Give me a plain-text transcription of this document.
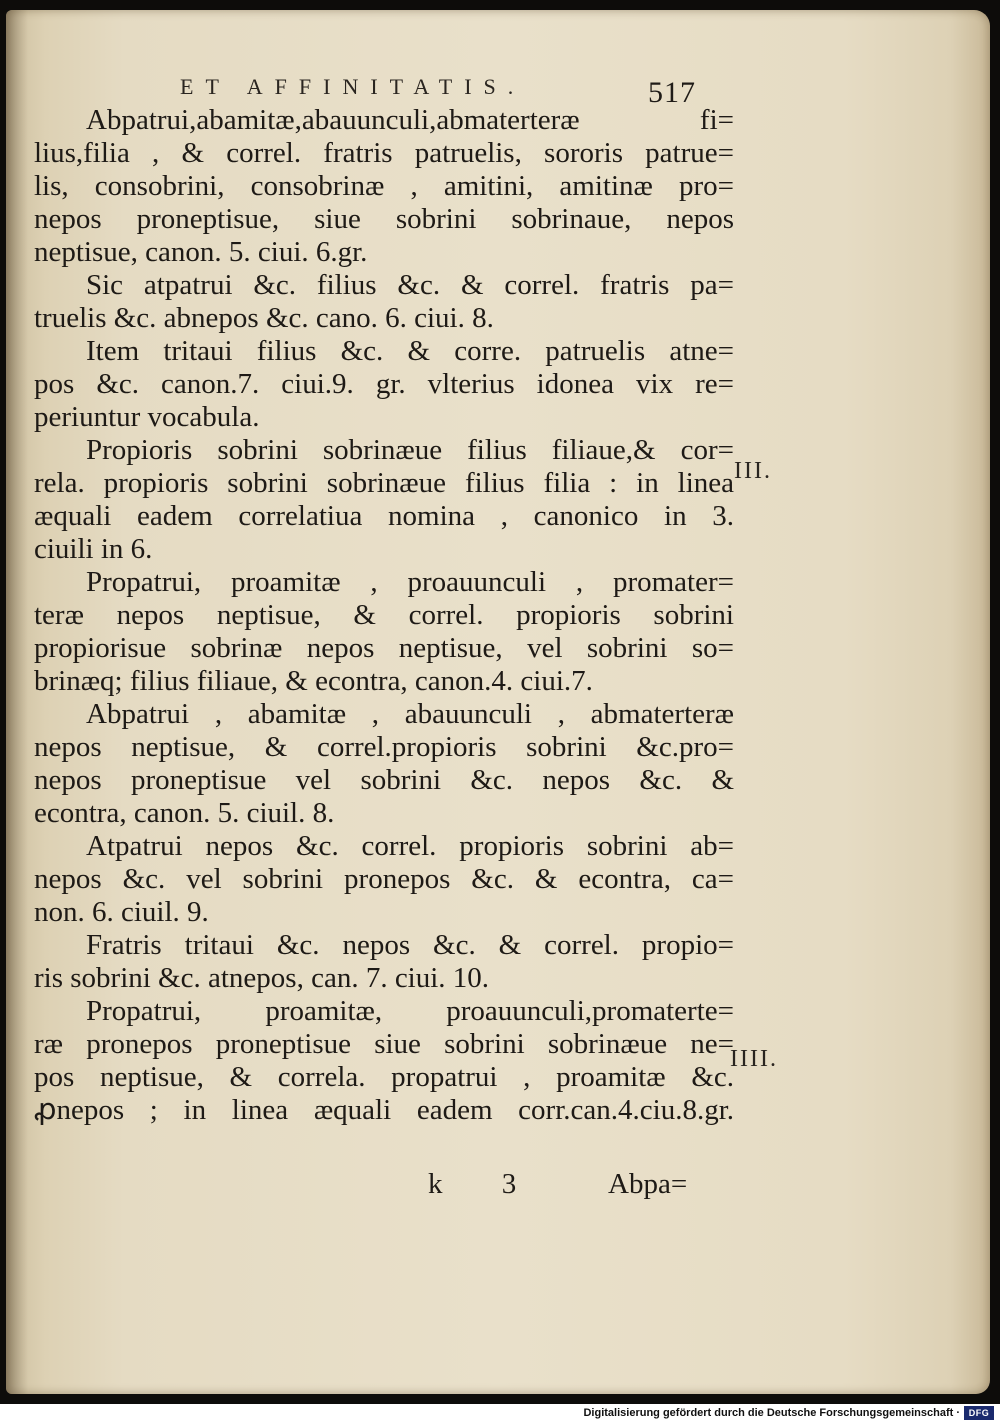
ET AFFINITATIS.	517
Abpatrui,abamitæ,abauunculi,abmaterteræ fi=
lius,filia , & correl. fratris patruelis, sororis patrue=
lis, consobrini, consobrinæ , amitini, amitinæ pro=
nepos proneptisue, siue sobrini sobrinaue, nepos
neptisue, canon. 5. ciui. 6.gr.
Sic atpatrui &c. filius &c. & correl. fratris pa=
truelis &c. abnepos &c. cano. 6. ciui. 8.
Item tritaui filius &c. & corre. patruelis atne=
pos &c. canon.7. ciui.9. gr. vlterius idonea vix re=
periuntur vocabula.
Propioris sobrini sobrinæue filius filiaue,& cor=
rela. propioris sobrini sobrinæue filius filia : in linea
æquali eadem correlatiua nomina , canonico in 3.
ciuili in 6.
Propatrui, proamitæ , proauunculi , promater=
teræ nepos neptisue, & correl. propioris sobrini
propiorisue sobrinæ nepos neptisue, vel sobrini so=
brinæq; filius filiaue, & econtra, canon.4. ciui.7.
Abpatrui , abamitæ , abauunculi , abmaterteræ
nepos neptisue, & correl.propioris sobrini &c.pro=
nepos proneptisue vel sobrini &c. nepos &c. &
econtra, canon. 5. ciuil. 8.
Atpatrui nepos &c. correl. propioris sobrini ab=
nepos &c. vel sobrini pronepos &c. & econtra, ca=
non. 6. ciuil. 9.
Fratris tritaui &c. nepos &c. & correl. propio=
ris sobrini &c. atnepos, can. 7. ciui. 10.
Propatrui, proamitæ, proauunculi,promaterte=
ræ pronepos proneptisue siue sobrini sobrinæue ne=
pos neptisue, & correla. propatrui , proamitæ &c.
ꝓnepos ; in linea æquali eadem corr.can.4.ciu.8.gr.
III.
IIII.
k 3 Abpa=
Digitalisierung gefördert durch die Deutsche Forschungsgemeinschaft · DFG
